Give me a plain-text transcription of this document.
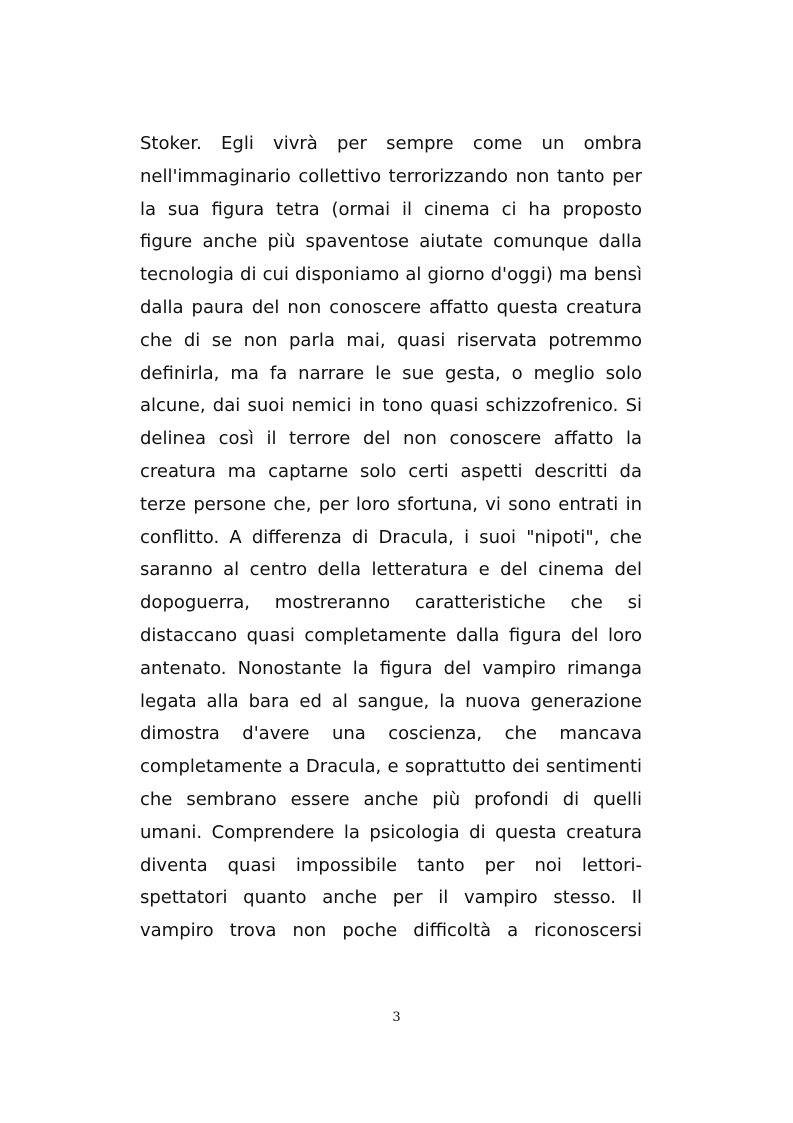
Stoker. Egli vivrà per sempre come un ombra
nell'immaginario collettivo terrorizzando non tanto per
la sua figura tetra (ormai il cinema ci ha proposto
figure anche più spaventose aiutate comunque dalla
tecnologia di cui disponiamo al giorno d'oggi) ma bensì
dalla paura del non conoscere affatto questa creatura
che di se non parla mai, quasi riservata potremmo
definirla, ma fa narrare le sue gesta, o meglio solo
alcune, dai suoi nemici in tono quasi schizzofrenico. Si
delinea così il terrore del non conoscere affatto la
creatura ma captarne solo certi aspetti descritti da
terze persone che, per loro sfortuna, vi sono entrati in
conflitto. A differenza di Dracula, i suoi "nipoti", che
saranno al centro della letteratura e del cinema del
dopoguerra, mostreranno caratteristiche che si
distaccano quasi completamente dalla figura del loro
antenato. Nonostante la figura del vampiro rimanga
legata alla bara ed al sangue, la nuova generazione
dimostra d'avere una coscienza, che mancava
completamente a Dracula, e soprattutto dei sentimenti
che sembrano essere anche più profondi di quelli
umani. Comprendere la psicologia di questa creatura
diventa quasi impossibile tanto per noi lettori-
spettatori quanto anche per il vampiro stesso. Il
vampiro trova non poche difficoltà a riconoscersi
3
